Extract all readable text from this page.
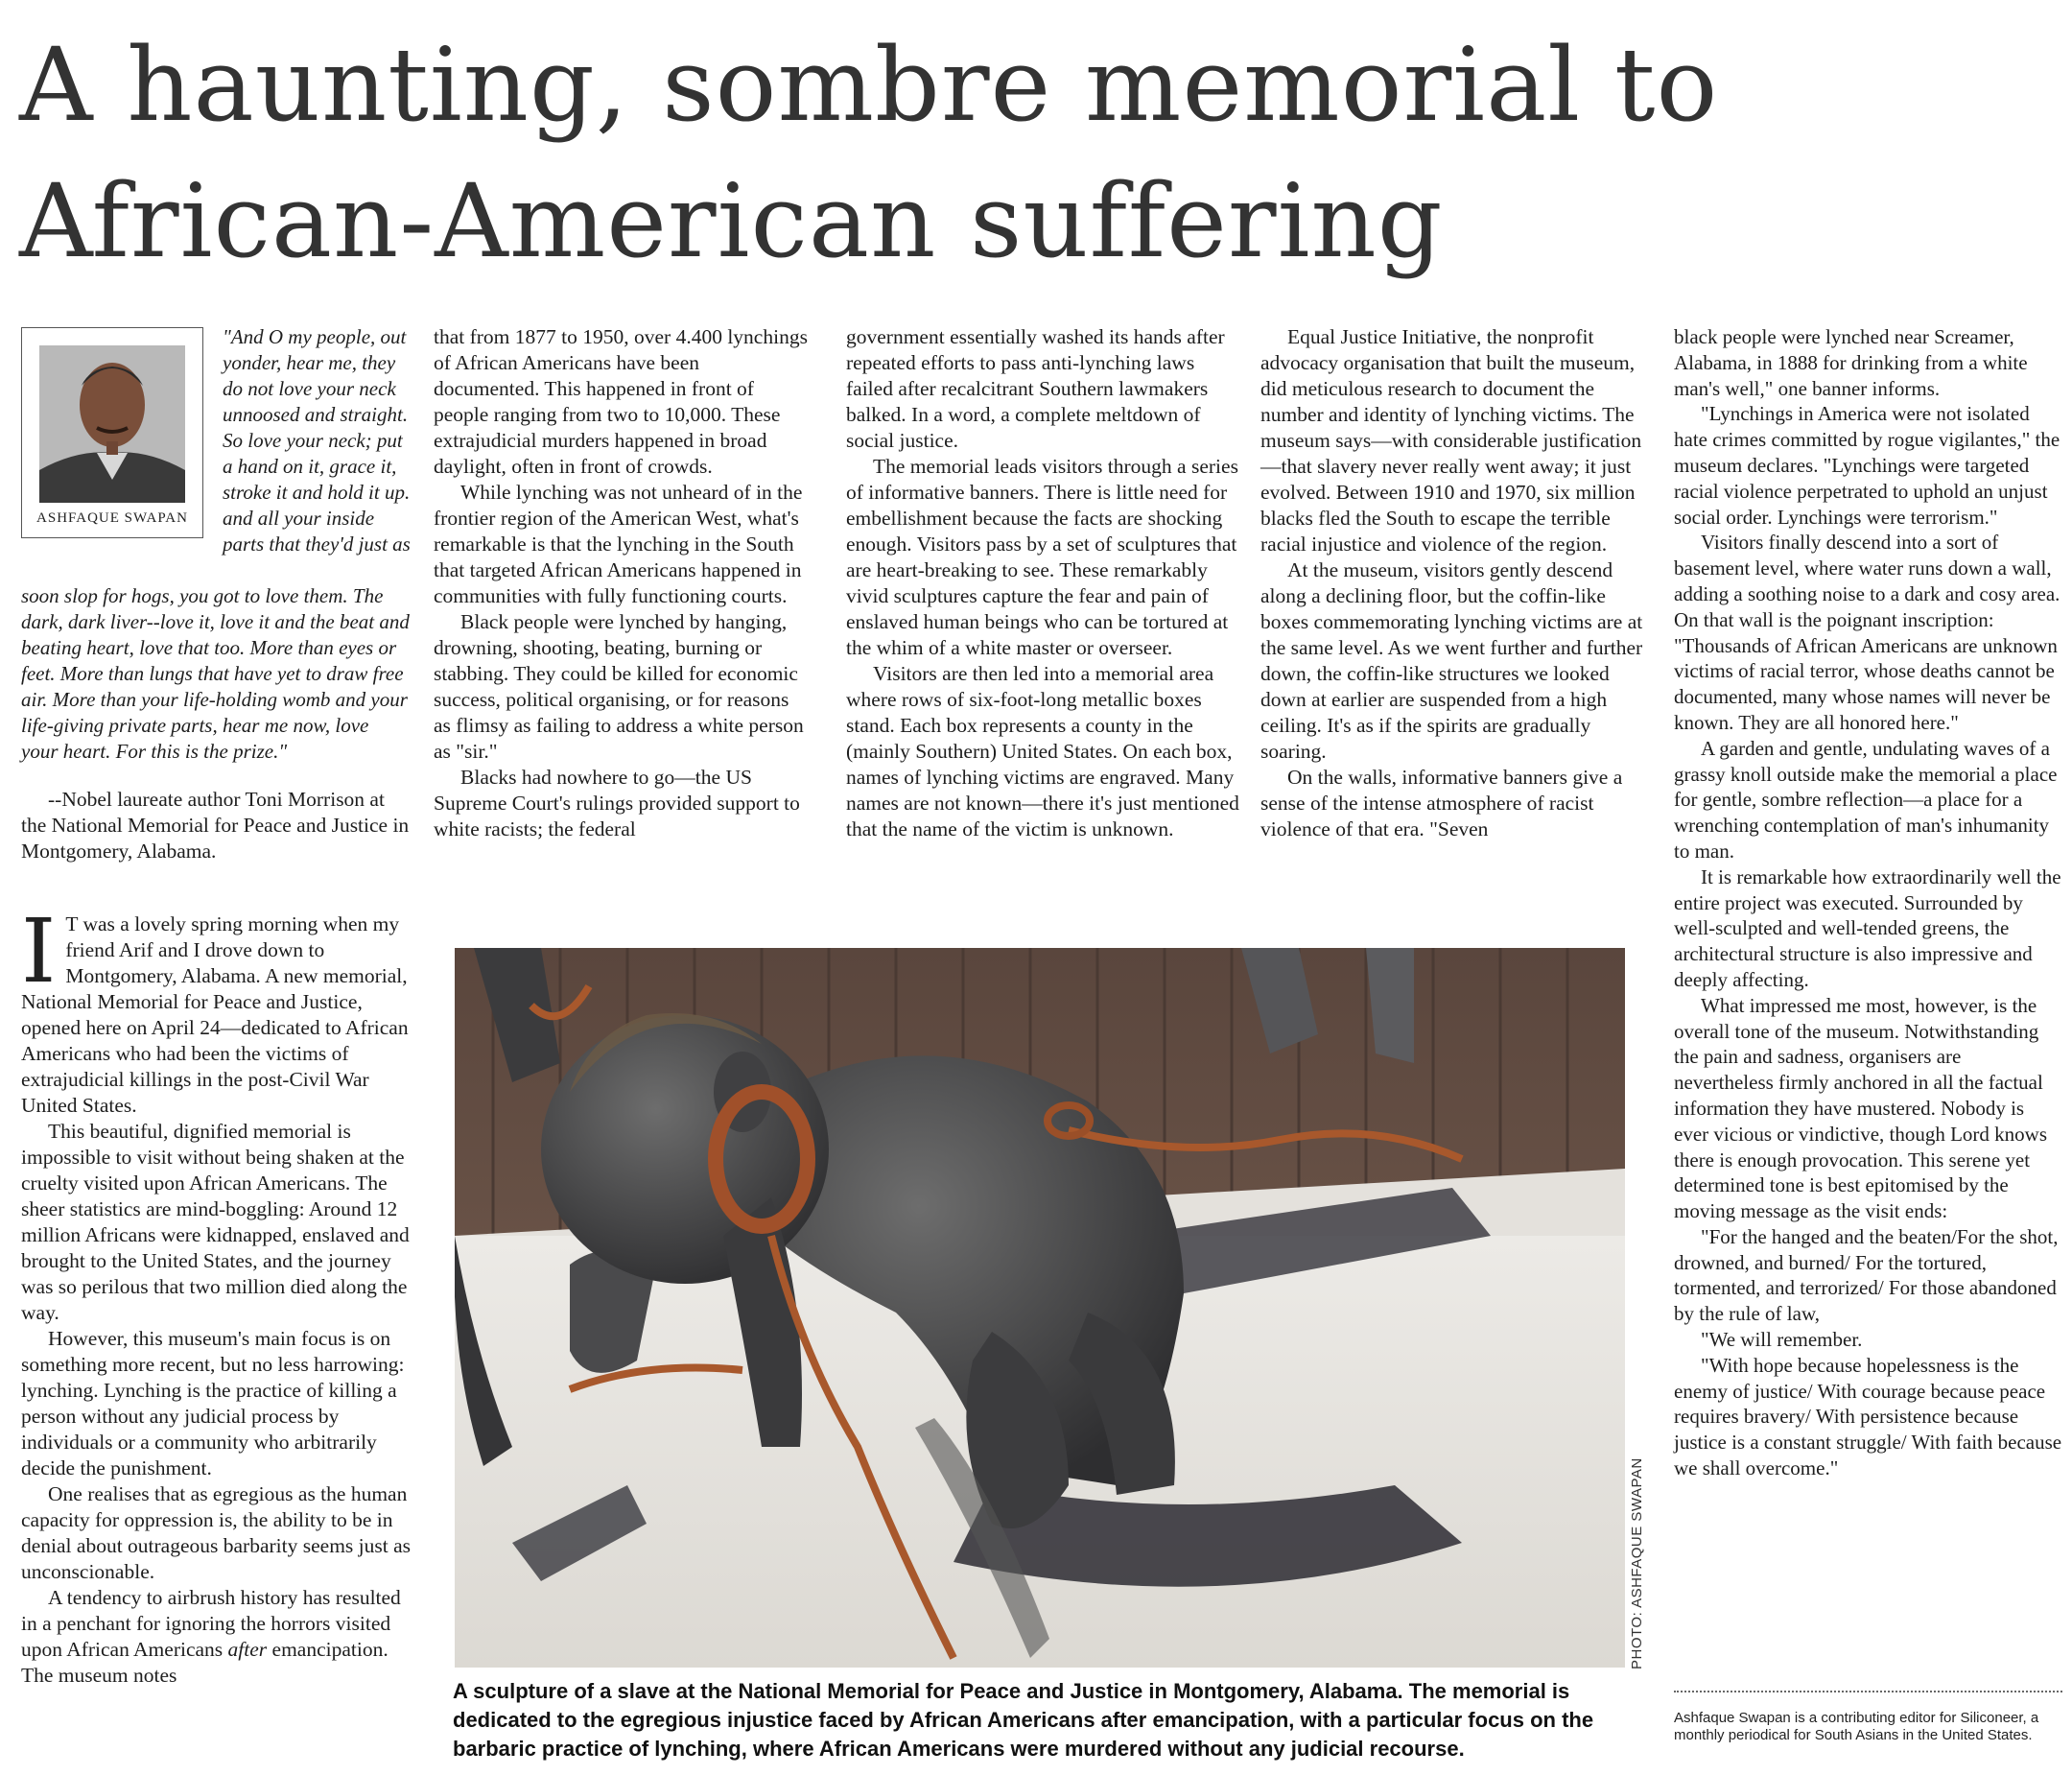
A haunting, sombre memorial to African-American suffering
ASHFAQUE SWAPAN
"And O my people, out yonder, hear me, they do not love your neck unnoosed and straight. So love your neck; put a hand on it, grace it, stroke it and hold it up. and all your inside parts that they'd just as
soon slop for hogs, you got to love them. The dark, dark liver--love it, love it and the beat and beating heart, love that too. More than eyes or feet. More than lungs that have yet to draw free air. More than your life-holding womb and your life-giving private parts, hear me now, love your heart. For this is the prize."

--Nobel laureate author Toni Morrison at the National Memorial for Peace and Justice in Montgomery, Alabama.

I T was a lovely spring morning when my friend Arif and I drove down to Montgomery, Alabama. A new memorial, National Memorial for Peace and Justice, opened here on April 24—dedicated to African Americans who had been the victims of extrajudicial killings in the post-Civil War United States.

This beautiful, dignified memorial is impossible to visit without being shaken at the cruelty visited upon African Americans. The sheer statistics are mind-boggling: Around 12 million Africans were kidnapped, enslaved and brought to the United States, and the journey was so perilous that two million died along the way.

However, this museum's main focus is on something more recent, but no less harrowing: lynching. Lynching is the practice of killing a person without any judicial process by individuals or a community who arbitrarily decide the punishment.

One realises that as egregious as the human capacity for oppression is, the ability to be in denial about outrageous barbarity seems just as unconscionable.

A tendency to airbrush history has resulted in a penchant for ignoring the horrors visited upon African Americans after emancipation. The museum notes

that from 1877 to 1950, over 4.400 lynchings of African Americans have been documented. This happened in front of people ranging from two to 10,000. These extrajudicial murders happened in broad daylight, often in front of crowds.

While lynching was not unheard of in the frontier region of the American West, what's remarkable is that the lynching in the South that targeted African Americans happened in communities with fully functioning courts.

Black people were lynched by hanging, drowning, shooting, beating, burning or stabbing. They could be killed for economic success, political organising, or for reasons as flimsy as failing to address a white person as "sir."

Blacks had nowhere to go—the US Supreme Court's rulings provided support to white racists; the federal

government essentially washed its hands after repeated efforts to pass anti-lynching laws failed after recalcitrant Southern lawmakers balked. In a word, a complete meltdown of social justice.

The memorial leads visitors through a series of informative banners. There is little need for embellishment because the facts are shocking enough. Visitors pass by a set of sculptures that are heart-breaking to see. These remarkably vivid sculptures capture the fear and pain of enslaved human beings who can be tortured at the whim of a white master or overseer.

Visitors are then led into a memorial area where rows of six-foot-long metallic boxes stand. Each box represents a county in the (mainly Southern) United States. On each box, names of lynching victims are engraved. Many names are not known—there it's just mentioned that the name of the victim is unknown.

Equal Justice Initiative, the nonprofit advocacy organisation that built the museum, did meticulous research to document the number and identity of lynching victims. The museum says—with considerable justification—that slavery never really went away; it just evolved. Between 1910 and 1970, six million blacks fled the South to escape the terrible racial injustice and violence of the region.

At the museum, visitors gently descend along a declining floor, but the coffin-like boxes commemorating lynching victims are at the same level. As we went further and further down, the coffin-like structures we looked down at earlier are suspended from a high ceiling. It's as if the spirits are gradually soaring.

On the walls, informative banners give a sense of the intense atmosphere of racist violence of that era. "Seven

black people were lynched near Screamer, Alabama, in 1888 for drinking from a white man's well," one banner informs.

"Lynchings in America were not isolated hate crimes committed by rogue vigilantes," the museum declares. "Lynchings were targeted racial violence perpetrated to uphold an unjust social order. Lynchings were terrorism."

Visitors finally descend into a sort of basement level, where water runs down a wall, adding a soothing noise to a dark and cosy area. On that wall is the poignant inscription: "Thousands of African Americans are unknown victims of racial terror, whose deaths cannot be documented, many whose names will never be known. They are all honored here."

A garden and gentle, undulating waves of a grassy knoll outside make the memorial a place for gentle, sombre reflection—a place for a wrenching contemplation of man's inhumanity to man.

It is remarkable how extraordinarily well the entire project was executed. Surrounded by well-sculpted and well-tended greens, the architectural structure is also impressive and deeply affecting.

What impressed me most, however, is the overall tone of the museum. Notwithstanding the pain and sadness, organisers are nevertheless firmly anchored in all the factual information they have mustered. Nobody is ever vicious or vindictive, though Lord knows there is enough provocation. This serene yet determined tone is best epitomised by the moving message as the visit ends:

"For the hanged and the beaten/For the shot, drowned, and burned/ For the tortured, tormented, and terrorized/ For those abandoned by the rule of law,

"We will remember.

"With hope because hopelessness is the enemy of justice/ With courage because peace requires bravery/ With persistence because justice is a constant struggle/ With faith because we shall overcome."

PHOTO: ASHFAQUE SWAPAN
A sculpture of a slave at the National Memorial for Peace and Justice in Montgomery, Alabama. The memorial is dedicated to the egregious injustice faced by African Americans after emancipation, with a particular focus on the barbaric practice of lynching, where African Americans were murdered without any judicial recourse.
Ashfaque Swapan is a contributing editor for Siliconeer, a monthly periodical for South Asians in the United States.
